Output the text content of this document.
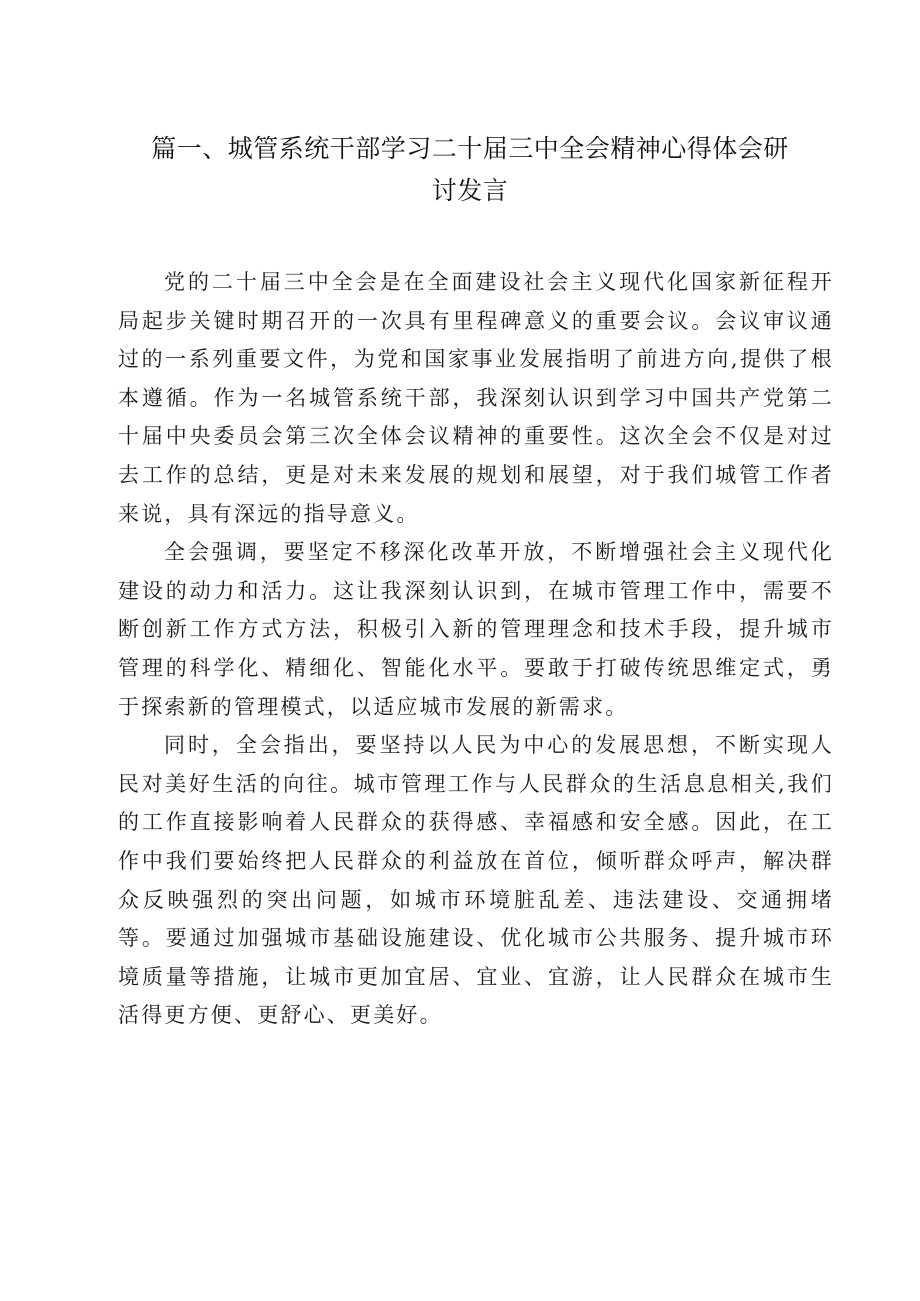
篇一、城管系统干部学习二十届三中全会精神心得体会研
讨发言

党的二十届三中全会是在全面建设社会主义现代化国家新征程开局起步关键时期召开的一次具有里程碑意义的重要会议。会议审议通过的一系列重要文件，为党和国家事业发展指明了前进方向,提供了根本遵循。作为一名城管系统干部，我深刻认识到学习中国共产党第二十届中央委员会第三次全体会议精神的重要性。这次全会不仅是对过去工作的总结，更是对未来发展的规划和展望，对于我们城管工作者来说，具有深远的指导意义。

全会强调，要坚定不移深化改革开放，不断增强社会主义现代化建设的动力和活力。这让我深刻认识到，在城市管理工作中，需要不断创新工作方式方法，积极引入新的管理理念和技术手段，提升城市管理的科学化、精细化、智能化水平。要敢于打破传统思维定式，勇于探索新的管理模式，以适应城市发展的新需求。

同时，全会指出，要坚持以人民为中心的发展思想，不断实现人民对美好生活的向往。城市管理工作与人民群众的生活息息相关,我们的工作直接影响着人民群众的获得感、幸福感和安全感。因此，在工作中我们要始终把人民群众的利益放在首位，倾听群众呼声，解决群众反映强烈的突出问题，如城市环境脏乱差、违法建设、交通拥堵等。要通过加强城市基础设施建设、优化城市公共服务、提升城市环境质量等措施，让城市更加宜居、宜业、宜游，让人民群众在城市生活得更方便、更舒心、更美好。
